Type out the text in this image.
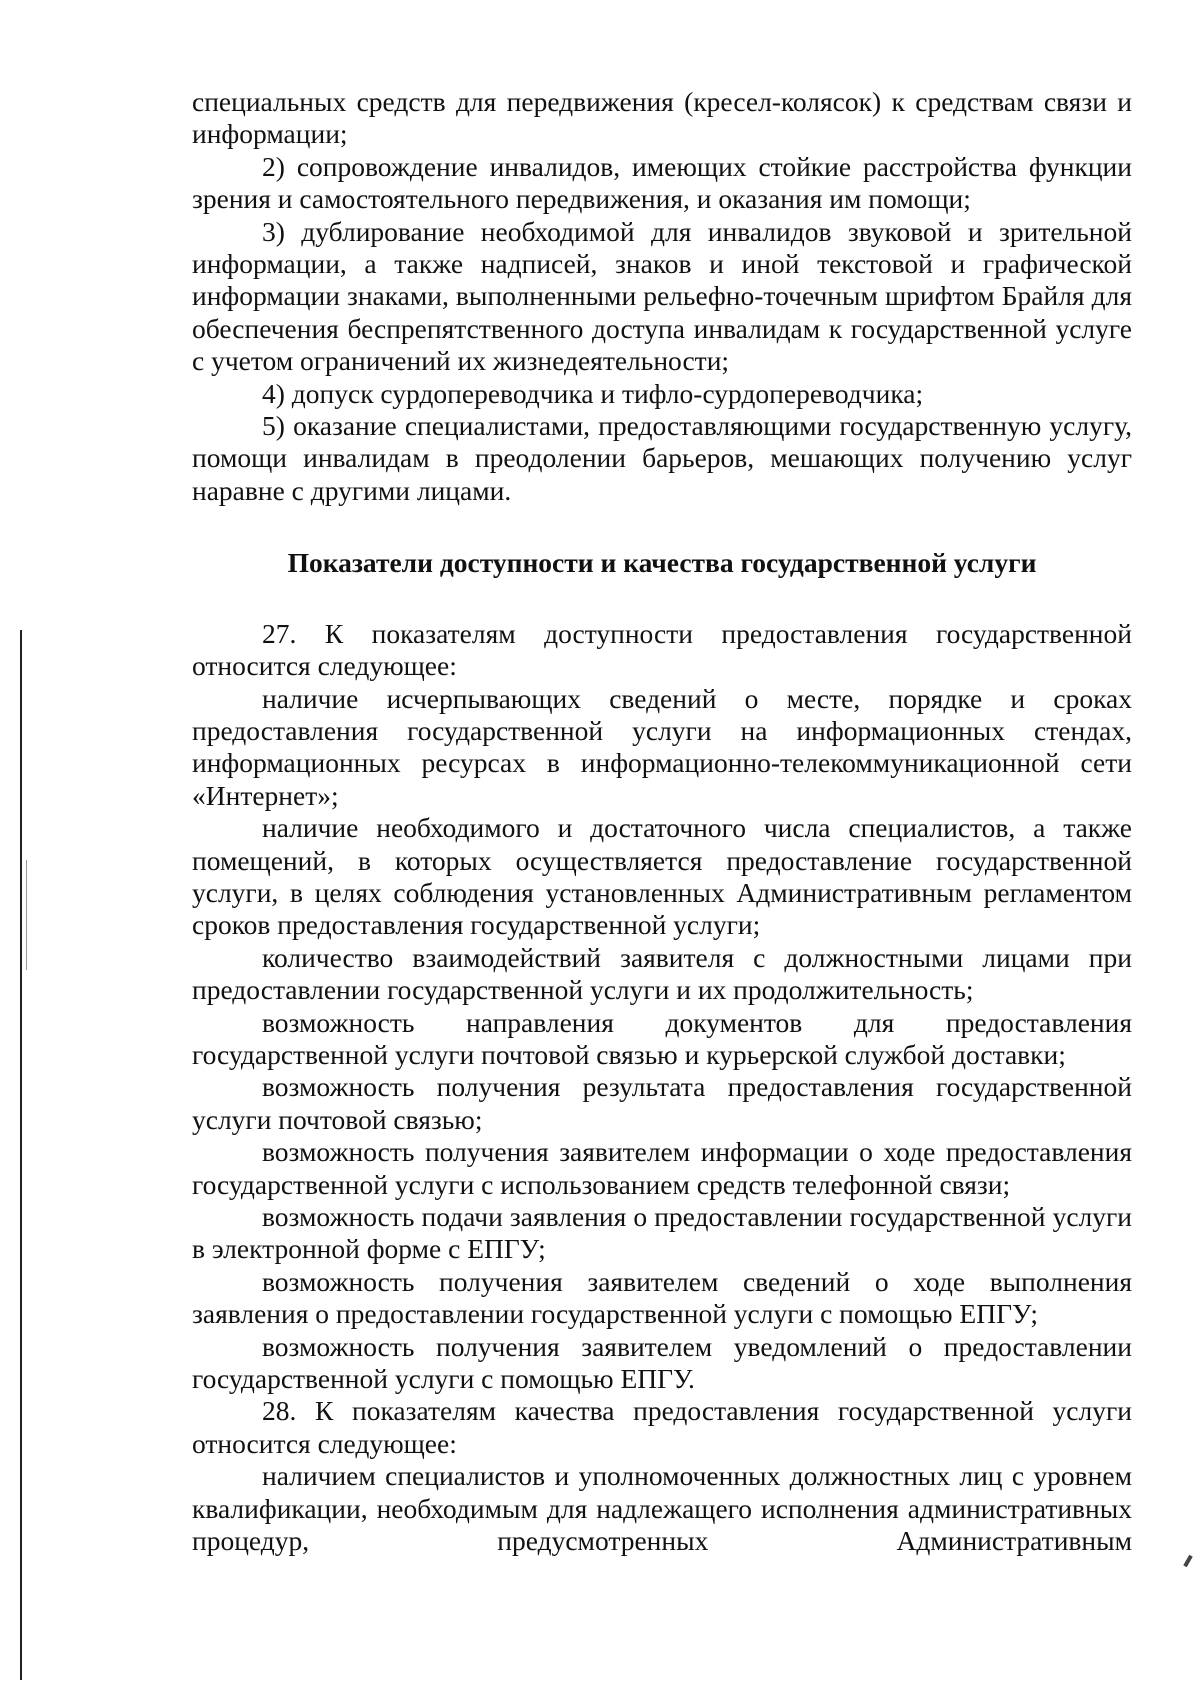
специальных средств для передвижения (кресел-колясок) к средствам связи и информации;

2) сопровождение инвалидов, имеющих стойкие расстройства функции зрения и самостоятельного передвижения, и оказания им помощи;

3) дублирование необходимой для инвалидов звуковой и зрительной информации, а также надписей, знаков и иной текстовой и графической информации знаками, выполненными рельефно-точечным шрифтом Брайля для обеспечения беспрепятственного доступа инвалидам к государственной услуге с учетом ограничений их жизнедеятельности;

4) допуск сурдопереводчика и тифло-сурдопереводчика;

5) оказание специалистами, предоставляющими государственную услугу, помощи инвалидам в преодолении барьеров, мешающих получению услуг наравне с другими лицами.

Показатели доступности и качества государственной услуги

27. К показателям доступности предоставления государственной относится следующее:

наличие исчерпывающих сведений о месте, порядке и сроках предоставления государственной услуги на информационных стендах, информационных ресурсах в информационно-телекоммуникационной сети «Интернет»;

наличие необходимого и достаточного числа специалистов, а также помещений, в которых осуществляется предоставление государственной услуги, в целях соблюдения установленных Административным регламентом сроков предоставления государственной услуги;

количество взаимодействий заявителя с должностными лицами при предоставлении государственной услуги и их продолжительность;

возможность направления документов для предоставления государственной услуги почтовой связью и курьерской службой доставки;

возможность получения результата предоставления государственной услуги почтовой связью;

возможность получения заявителем информации о ходе предоставления государственной услуги с использованием средств телефонной связи;

возможность подачи заявления о предоставлении государственной услуги в электронной форме с ЕПГУ;

возможность получения заявителем сведений о ходе выполнения заявления о предоставлении государственной услуги с помощью ЕПГУ;

возможность получения заявителем уведомлений о предоставлении государственной услуги с помощью ЕПГУ.

28. К показателям качества предоставления государственной услуги относится следующее:

наличием специалистов и уполномоченных должностных лиц с уровнем квалификации, необходимым для надлежащего исполнения административных процедур, предусмотренных Административным
